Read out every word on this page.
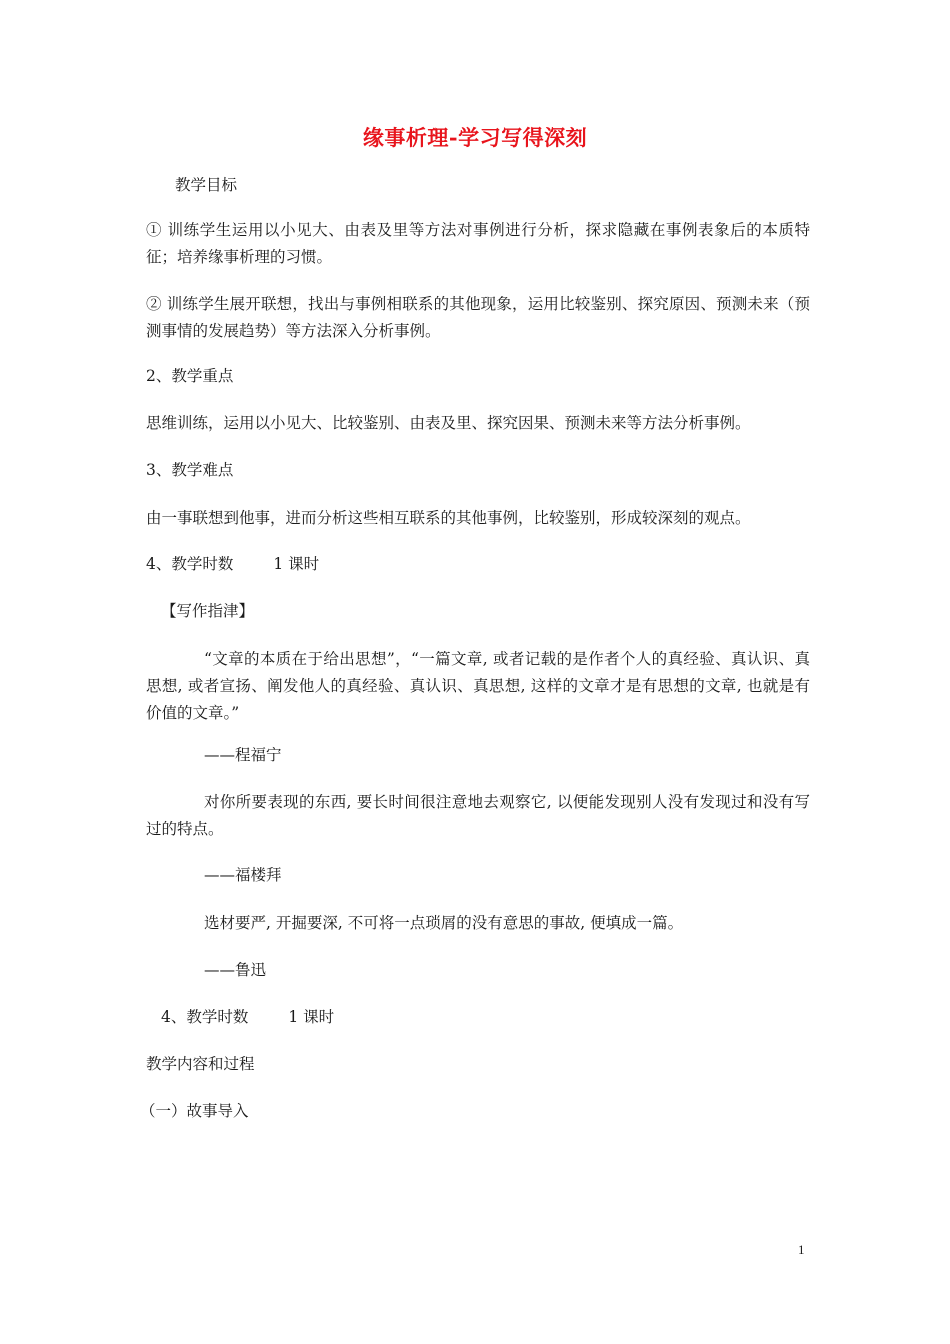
缘事析理-学习写得深刻
教学目标
① 训练学生运用以小见大、由表及里等方法对事例进行分析，探求隐藏在事例表象后的本质特征；培养缘事析理的习惯。
② 训练学生展开联想，找出与事例相联系的其他现象，运用比较鉴别、探究原因、预测未来（预测事情的发展趋势）等方法深入分析事例。
2、教学重点
思维训练，运用以小见大、比较鉴别、由表及里、探究因果、预测未来等方法分析事例。
3、教学难点
由一事联想到他事，进而分析这些相互联系的其他事例，比较鉴别，形成较深刻的观点。
4、教学时数	1 课时
【写作指津】
“文章的本质在于给出思想”，“一篇文章, 或者记载的是作者个人的真经验、真认识、真思想, 或者宣扬、阐发他人的真经验、真认识、真思想, 这样的文章才是有思想的文章, 也就是有价值的文章。”
——程福宁
对你所要表现的东西, 要长时间很注意地去观察它, 以便能发现别人没有发现过和没有写过的特点。
——福楼拜
选材要严, 开掘要深, 不可将一点琐屑的没有意思的事故, 便填成一篇。
——鲁迅
4、教学时数	1 课时
教学内容和过程
（一）故事导入
1
